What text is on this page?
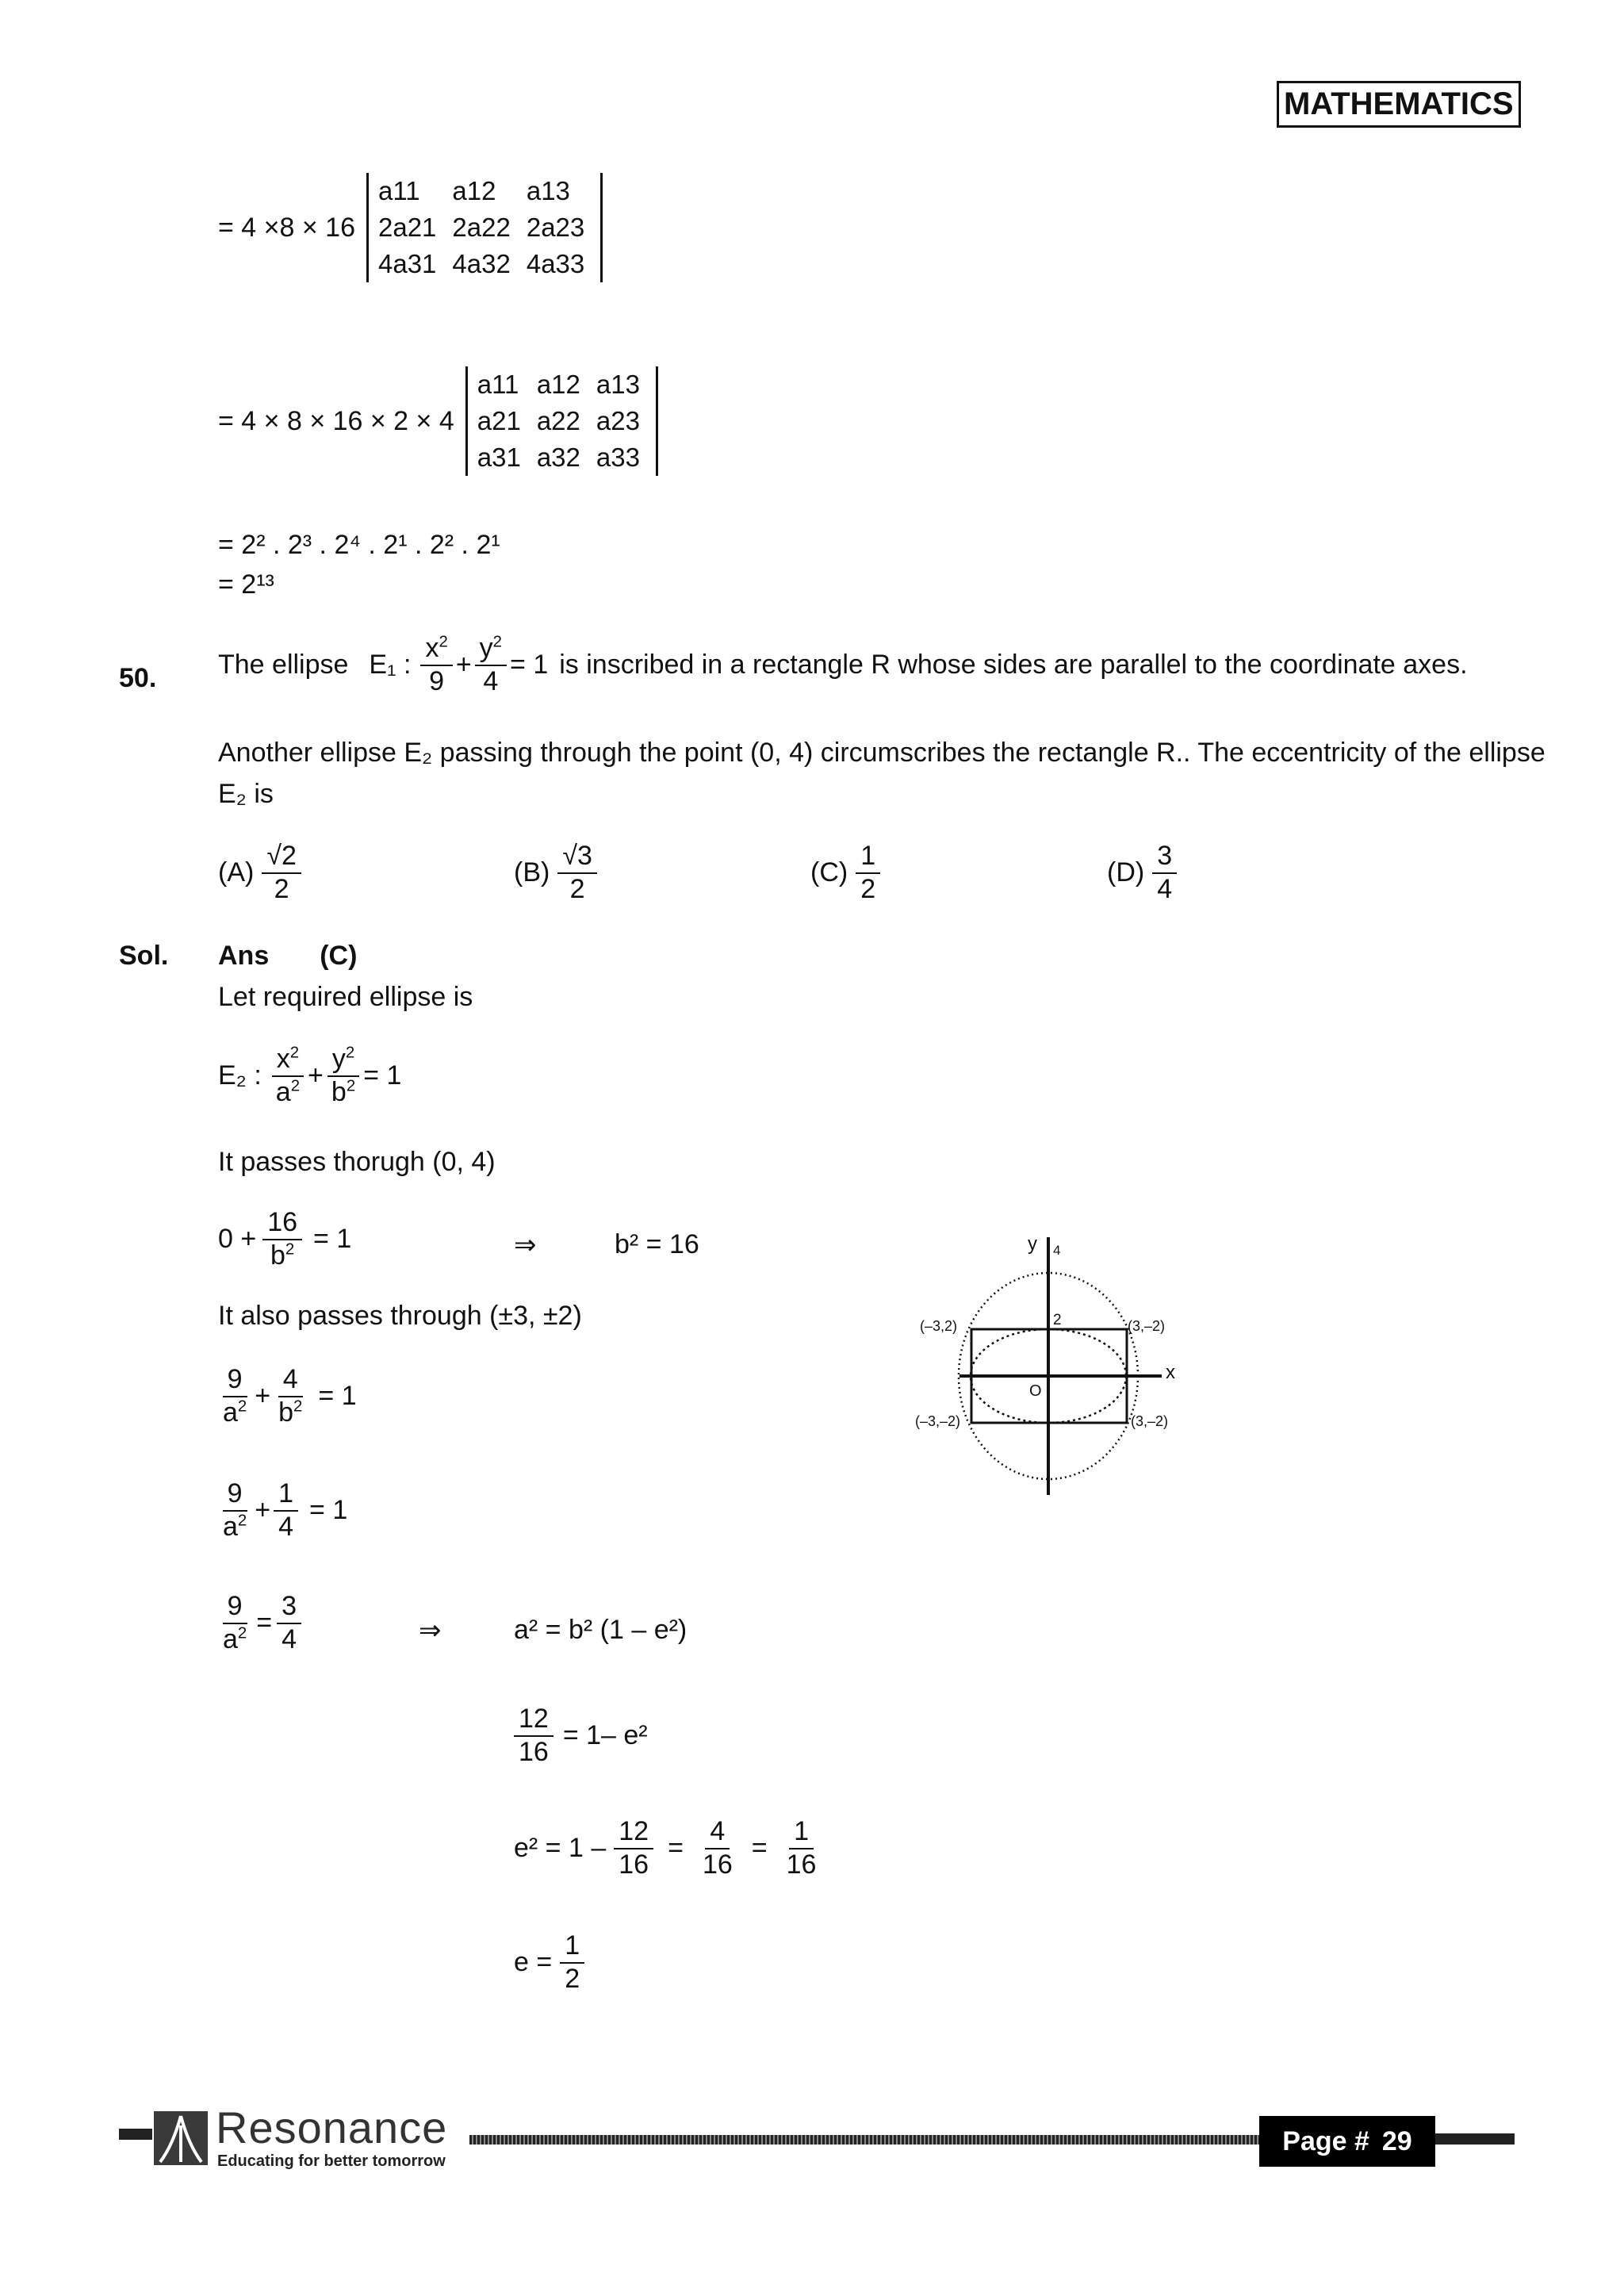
MATHEMATICS
= 4 ×8 × 16
a11	a12	a13
2a21	2a22	2a23
4a31	4a32	4a33
= 4 × 8 × 16 × 2 × 4
a11	a12	a13
a21	a22	a23
a31	a32	a33
= 2² . 2³ . 2⁴ . 2¹ . 2² . 2¹
= 2¹³
50. The ellipse E₁ : $\frac{x^2}{9} + \frac{y^2}{4} = 1$ is inscribed in a rectangle R whose sides are parallel to the coordinate axes.
Another ellipse E₂ passing through the point (0, 4) circumscribes the rectangle R.. The eccentricity of the ellipse
E₂ is
$(A) \frac{√2}{2}$	$(B) \frac{√3}{2}$	$(C) \frac{1}{2}$	$(D) \frac{3}{4}$
Sol. Ans (C)
Let required ellipse is
E₂ : $\frac{x^2}{a^2} + \frac{y^2}{b^2} = 1$
It passes thorugh (0, 4)
$0 + \frac{16}{b^2} = 1$	⇒	b² = 16
It also passes through (±3, ±2)
$\frac{9}{a^2} + \frac{4}{b^2} = 1$
$\frac{9}{a^2} + \frac{1}{4} = 1$
$\frac{9}{a^2} = \frac{3}{4}$	⇒	a² = b² (1 – e²)
$\frac{12}{16} = 1-$ e²
$e^2 = 1 - \frac{12}{16} = \frac{4}{16} = \frac{1}{16}$
$e = \frac{1}{2}$
y
x
O
4
2
(–3,2)	(3,–2)
(–3,–2)	(3,–2)
Resonance
Educating for better tomorrow
Page # 29
